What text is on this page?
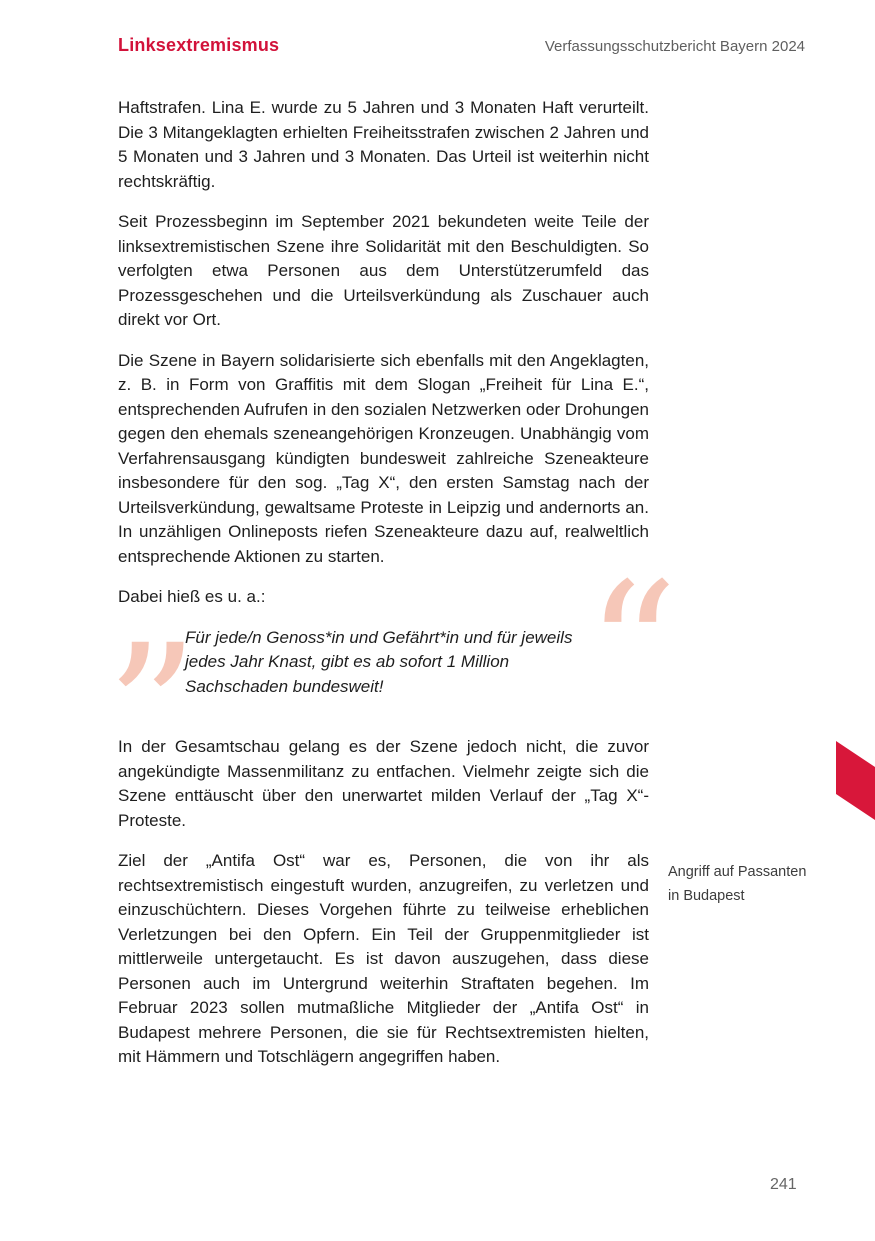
Linksextremismus	Verfassungsschutzbericht Bayern 2024

Haftstrafen. Lina E. wurde zu 5 Jahren und 3 Monaten Haft verurteilt. Die 3 Mitangeklagten erhielten Freiheitsstrafen zwischen 2 Jahren und 5 Monaten und 3 Jahren und 3 Monaten. Das Urteil ist weiterhin nicht rechtskräftig.

Seit Prozessbeginn im September 2021 bekundeten weite Teile der linksextremistischen Szene ihre Solidarität mit den Beschuldigten. So verfolgten etwa Personen aus dem Unterstützerumfeld das Prozessgeschehen und die Urteilsverkündung als Zuschauer auch direkt vor Ort.

Die Szene in Bayern solidarisierte sich ebenfalls mit den Angeklagten, z. B. in Form von Graffitis mit dem Slogan „Freiheit für Lina E.“, entsprechenden Aufrufen in den sozialen Netzwerken oder Drohungen gegen den ehemals szeneangehörigen Kronzeugen. Unabhängig vom Verfahrensausgang kündigten bundesweit zahlreiche Szeneakteure insbesondere für den sog. „Tag X“, den ersten Samstag nach der Urteilsverkündung, gewaltsame Proteste in Leipzig und andernorts an. In unzähligen Onlineposts riefen Szeneakteure dazu auf, realweltlich entsprechende Aktionen zu starten.

Dabei hieß es u. a.:

Für jede/n Genoss*in und Gefährt*in und für jeweils jedes Jahr Knast, gibt es ab sofort 1 Million Sachschaden bundesweit!

In der Gesamtschau gelang es der Szene jedoch nicht, die zuvor angekündigte Massenmilitanz zu entfachen. Vielmehr zeigte sich die Szene enttäuscht über den unerwartet milden Verlauf der „Tag X“-Proteste.

Ziel der „Antifa Ost“ war es, Personen, die von ihr als rechtsextremistisch eingestuft wurden, anzugreifen, zu verletzen und einzuschüchtern. Dieses Vorgehen führte zu teilweise erheblichen Verletzungen bei den Opfern. Ein Teil der Gruppenmitglieder ist mittlerweile untergetaucht. Es ist davon auszugehen, dass diese Personen auch im Untergrund weiterhin Straftaten begehen. Im Februar 2023 sollen mutmaßliche Mitglieder der „Antifa Ost“ in Budapest mehrere Personen, die sie für Rechtsextremisten hielten, mit Hämmern und Totschlägern angegriffen haben.

“
”
Angriff auf Passanten in Budapest
241
